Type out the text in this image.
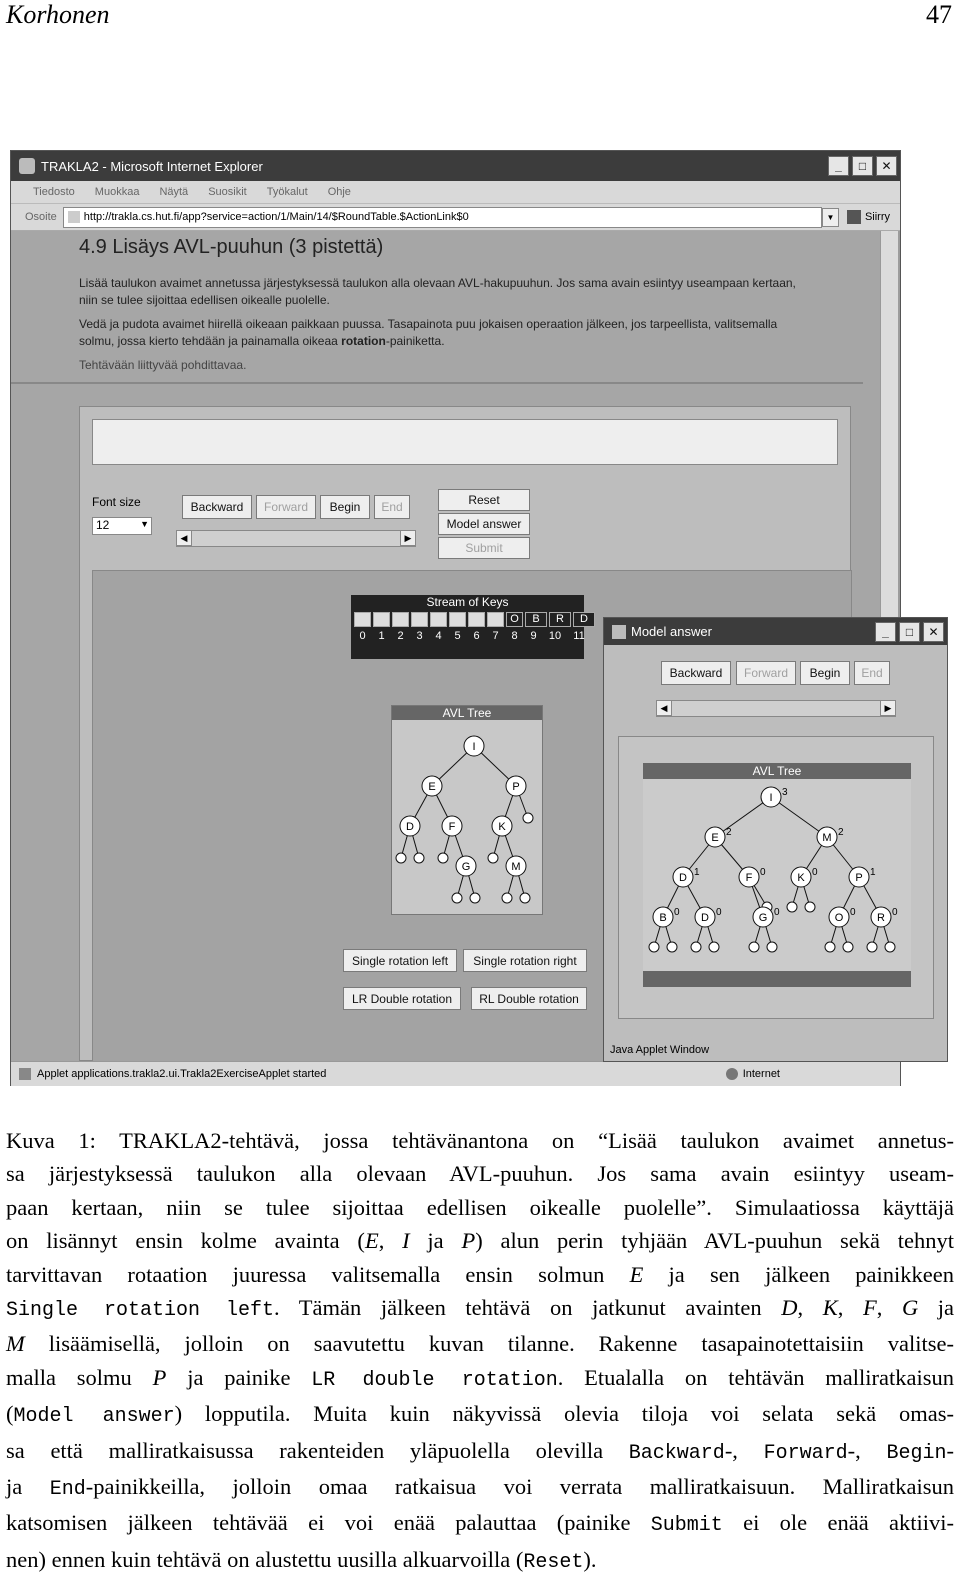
Korhonen	47
TRAKLA2 - Microsoft Internet Explorer	_	□	✕
Tiedosto Muokkaa Näytä Suosikit Työkalut Ohje
Osoite http://trakla.cs.hut.fi/app?service=action/1/Main/14/$RoundTable.$ActionLink$0	▼	Siirry
4.9 Lisäys AVL-puuhun (3 pistettä)
Lisää taulukon avaimet annetussa järjestyksessä taulukon alla olevaan AVL-hakupuuhun. Jos sama avain esiintyy useampaan kertaan,
niin se tulee sijoittaa edellisen oikealle puolelle.
Vedä ja pudota avaimet hiirellä oikeaan paikkaan puussa. Tasapainota puu jokaisen operaation jälkeen, jos tarpeellista, valitsemalla
solmu, jossa kierto tehdään ja painamalla oikeaa rotation-painiketta.
Tehtävään liittyvää pohdittavaa.
Font size
12	▼
Backward	Forward	Begin	End
◀	▶
Reset
Model answer
Submit
Stream of Keys
O	B	R	D
0	1	2	3	4	5	6	7	8	9	10	11
AVL Tree
I
E	P
D	F	K
G	M
Single rotation left	Single rotation right
LR Double rotation	RL Double rotation
Applet applications.trakla2.ui.Trakla2ExerciseApplet started	Internet
Model answer	_	□	✕
Backward	Forward	Begin	End
◀	▶
AVL Tree
I 3
E 2	M 2
D 1	F 0	K 0	P 1
B 0 D 0	G 0	O 0 R 0
Java Applet Window
Kuva 1: TRAKLA2-tehtävä, jossa tehtävänantona on “Lisää taulukon avaimet annetus-
sa järjestyksessä taulukon alla olevaan AVL-puuhun. Jos sama avain esiintyy useam-
paan kertaan, niin se tulee sijoittaa edellisen oikealle puolelle”. Simulaatiossa käyttäjä
on lisännyt ensin kolme avainta (E, I ja P) alun perin tyhjään AVL-puuhun sekä tehnyt
tarvittavan rotaation juuressa valitsemalla ensin solmun E ja sen jälkeen painikkeen
Single rotation left. Tämän jälkeen tehtävä on jatkunut avainten D, K, F, G ja
M lisäämisellä, jolloin on saavutettu kuvan tilanne. Rakenne tasapainotettaisiin valitse-
malla solmu P ja painike LR double rotation. Etualalla on tehtävän malliratkaisun
(Model answer) lopputila. Muita kuin näkyvissä olevia tiloja voi selata sekä omas-
sa että malliratkaisussa rakenteiden yläpuolella olevilla Backward-, Forward-, Begin-
ja End-painikkeilla, jolloin omaa ratkaisua voi verrata malliratkaisuun. Malliratkaisun
katsomisen jälkeen tehtävää ei voi enää palauttaa (painike Submit ei ole enää aktiivi-
nen) ennen kuin tehtävä on alustettu uusilla alkuarvoilla (Reset).
